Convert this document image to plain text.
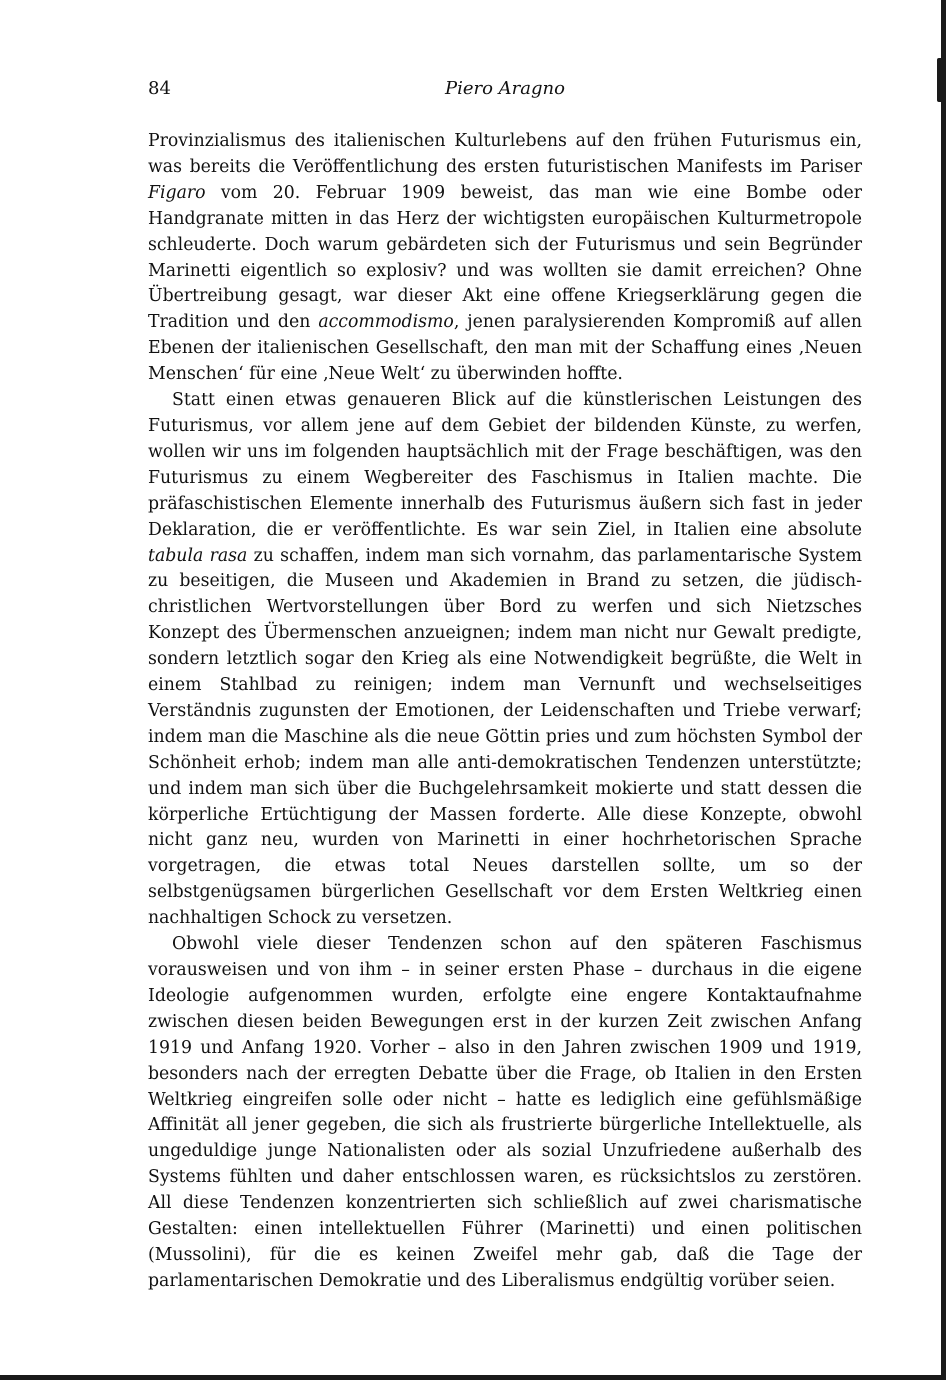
84	Piero Aragno

Provinzialismus des italienischen Kulturlebens auf den frühen Futurismus ein, was bereits die Veröffentlichung des ersten futuristischen Manifests im Pariser Figaro vom 20. Februar 1909 beweist, das man wie eine Bombe oder Handgranate mitten in das Herz der wichtigsten europäischen Kulturmetropole schleuderte. Doch warum gebärdeten sich der Futurismus und sein Begründer Marinetti eigentlich so explosiv? und was wollten sie damit erreichen? Ohne Übertreibung gesagt, war dieser Akt eine offene Kriegserklärung gegen die Tradition und den accommodismo, jenen paralysierenden Kompromiß auf allen Ebenen der italienischen Gesellschaft, den man mit der Schaffung eines ‚Neuen Menschen‘ für eine ‚Neue Welt‘ zu überwinden hoffte.

Statt einen etwas genaueren Blick auf die künstlerischen Leistungen des Futurismus, vor allem jene auf dem Gebiet der bildenden Künste, zu werfen, wollen wir uns im folgenden hauptsächlich mit der Frage beschäftigen, was den Futurismus zu einem Wegbereiter des Faschismus in Italien machte. Die präfaschistischen Elemente innerhalb des Futurismus äußern sich fast in jeder Deklaration, die er veröffentlichte. Es war sein Ziel, in Italien eine absolute tabula rasa zu schaffen, indem man sich vornahm, das parlamentarische System zu beseitigen, die Museen und Akademien in Brand zu setzen, die jüdisch-christlichen Wertvorstellungen über Bord zu werfen und sich Nietzsches Konzept des Übermenschen anzueignen; indem man nicht nur Gewalt predigte, sondern letztlich sogar den Krieg als eine Notwendigkeit begrüßte, die Welt in einem Stahlbad zu reinigen; indem man Vernunft und wechselseitiges Verständnis zugunsten der Emotionen, der Leidenschaften und Triebe verwarf; indem man die Maschine als die neue Göttin pries und zum höchsten Symbol der Schönheit erhob; indem man alle anti-demokratischen Tendenzen unterstützte; und indem man sich über die Buchgelehrsamkeit mokierte und statt dessen die körperliche Ertüchtigung der Massen forderte. Alle diese Konzepte, obwohl nicht ganz neu, wurden von Marinetti in einer hochrhetorischen Sprache vorgetragen, die etwas total Neues darstellen sollte, um so der selbstgenügsamen bürgerlichen Gesellschaft vor dem Ersten Weltkrieg einen nachhaltigen Schock zu versetzen.

Obwohl viele dieser Tendenzen schon auf den späteren Faschismus vorausweisen und von ihm – in seiner ersten Phase – durchaus in die eigene Ideologie aufgenommen wurden, erfolgte eine engere Kontaktaufnahme zwischen diesen beiden Bewegungen erst in der kurzen Zeit zwischen Anfang 1919 und Anfang 1920. Vorher – also in den Jahren zwischen 1909 und 1919, besonders nach der erregten Debatte über die Frage, ob Italien in den Ersten Weltkrieg eingreifen solle oder nicht – hatte es lediglich eine gefühlsmäßige Affinität all jener gegeben, die sich als frustrierte bürgerliche Intellektuelle, als ungeduldige junge Nationalisten oder als sozial Unzufriedene außerhalb des Systems fühlten und daher entschlossen waren, es rücksichtslos zu zerstören. All diese Tendenzen konzentrierten sich schließlich auf zwei charismatische Gestalten: einen intellektuellen Führer (Marinetti) und einen politischen (Mussolini), für die es keinen Zweifel mehr gab, daß die Tage der parlamentarischen Demokratie und des Liberalismus endgültig vorüber seien.
